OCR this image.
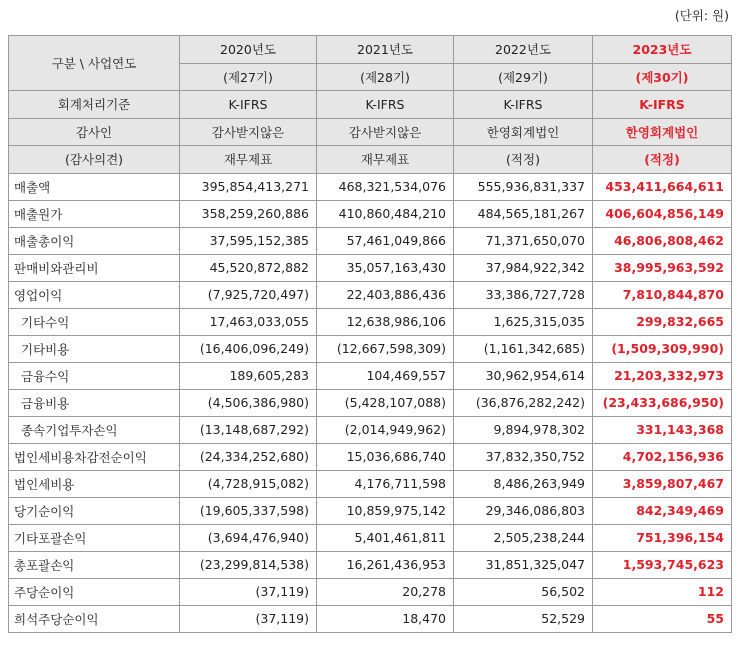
(단위: 원)
구분 \ 사업연도	2020년도	2021년도	2022년도	2023년도
	(제27기)	(제28기)	(제29기)	(제30기)
회계처리기준	K-IFRS	K-IFRS	K-IFRS	K-IFRS
감사인	감사받지않은	감사받지않은	한영회계법인	한영회계법인
(감사의견)	재무제표	재무제표	(적정)	(적정)
매출액	395,854,413,271	468,321,534,076	555,936,831,337	453,411,664,611
매출원가	358,259,260,886	410,860,484,210	484,565,181,267	406,604,856,149
매출총이익	37,595,152,385	57,461,049,866	71,371,650,070	46,806,808,462
판매비와관리비	45,520,872,882	35,057,163,430	37,984,922,342	38,995,963,592
영업이익	(7,925,720,497)	22,403,886,436	33,386,727,728	7,810,844,870
기타수익	17,463,033,055	12,638,986,106	1,625,315,035	299,832,665
기타비용	(16,406,096,249)	(12,667,598,309)	(1,161,342,685)	(1,509,309,990)
금융수익	189,605,283	104,469,557	30,962,954,614	21,203,332,973
금융비용	(4,506,386,980)	(5,428,107,088)	(36,876,282,242)	(23,433,686,950)
종속기업투자손익	(13,148,687,292)	(2,014,949,962)	9,894,978,302	331,143,368
법인세비용차감전순이익	(24,334,252,680)	15,036,686,740	37,832,350,752	4,702,156,936
법인세비용	(4,728,915,082)	4,176,711,598	8,486,263,949	3,859,807,467
당기순이익	(19,605,337,598)	10,859,975,142	29,346,086,803	842,349,469
기타포괄손익	(3,694,476,940)	5,401,461,811	2,505,238,244	751,396,154
총포괄손익	(23,299,814,538)	16,261,436,953	31,851,325,047	1,593,745,623
주당순이익	(37,119)	20,278	56,502	112
희석주당순이익	(37,119)	18,470	52,529	55
